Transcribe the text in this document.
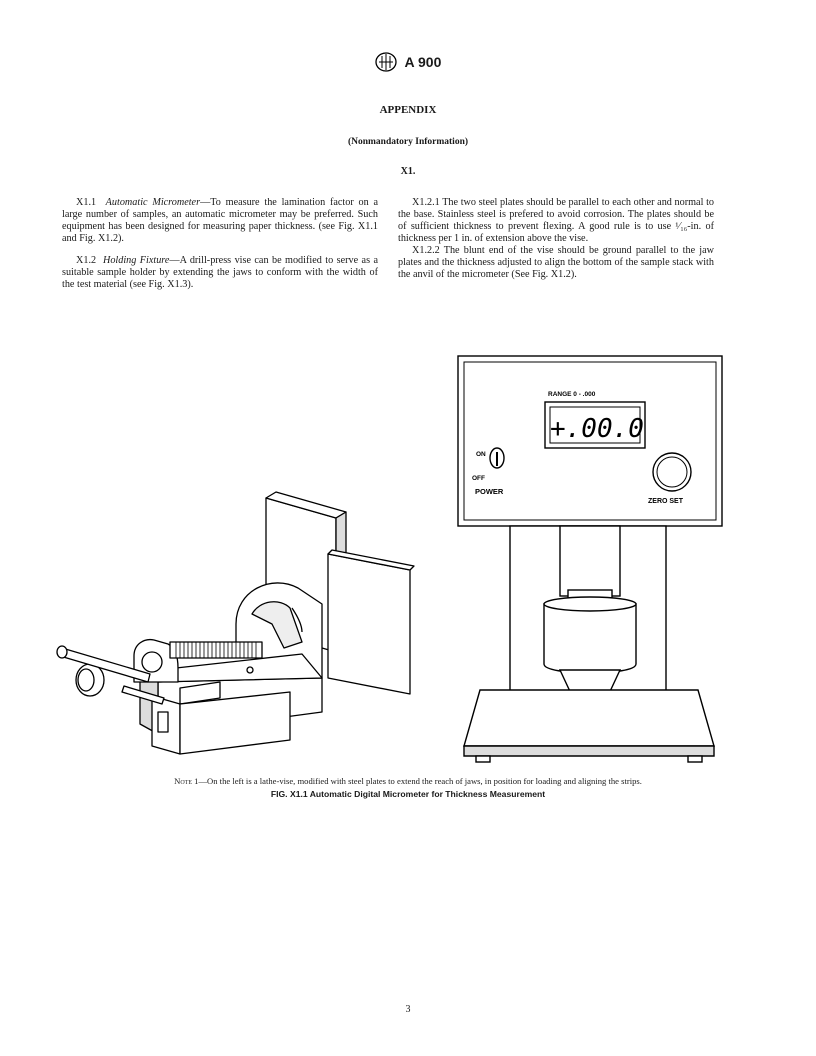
A 900
APPENDIX
(Nonmandatory Information)
X1.

X1.1 Automatic Micrometer—To measure the lamination factor on a large number of samples, an automatic micrometer may be preferred. Such equipment has been designed for measuring paper thickness. (see Fig. X1.1 and Fig. X1.2).

X1.2 Holding Fixture—A drill-press vise can be modified to serve as a suitable sample holder by extending the jaws to conform with the width of the test material (see Fig. X1.3).

X1.2.1 The two steel plates should be parallel to each other and normal to the base. Stainless steel is prefered to avoid corrosion. The plates should be of sufficient thickness to prevent flexing. A good rule is to use ¹⁄₁₆-in. of thickness per 1 in. of extension above the vise.

X1.2.2 The blunt end of the vise should be ground parallel to the jaw plates and the thickness adjusted to align the bottom of the sample stack with the anvil of the micrometer (See Fig. X1.2).

RANGE 0 - .000
+.00.0
ON
OFF
POWER
ZERO SET
Note 1—On the left is a lathe-vise, modified with steel plates to extend the reach of jaws, in position for loading and aligning the strips.
FIG. X1.1 Automatic Digital Micrometer for Thickness Measurement
3
